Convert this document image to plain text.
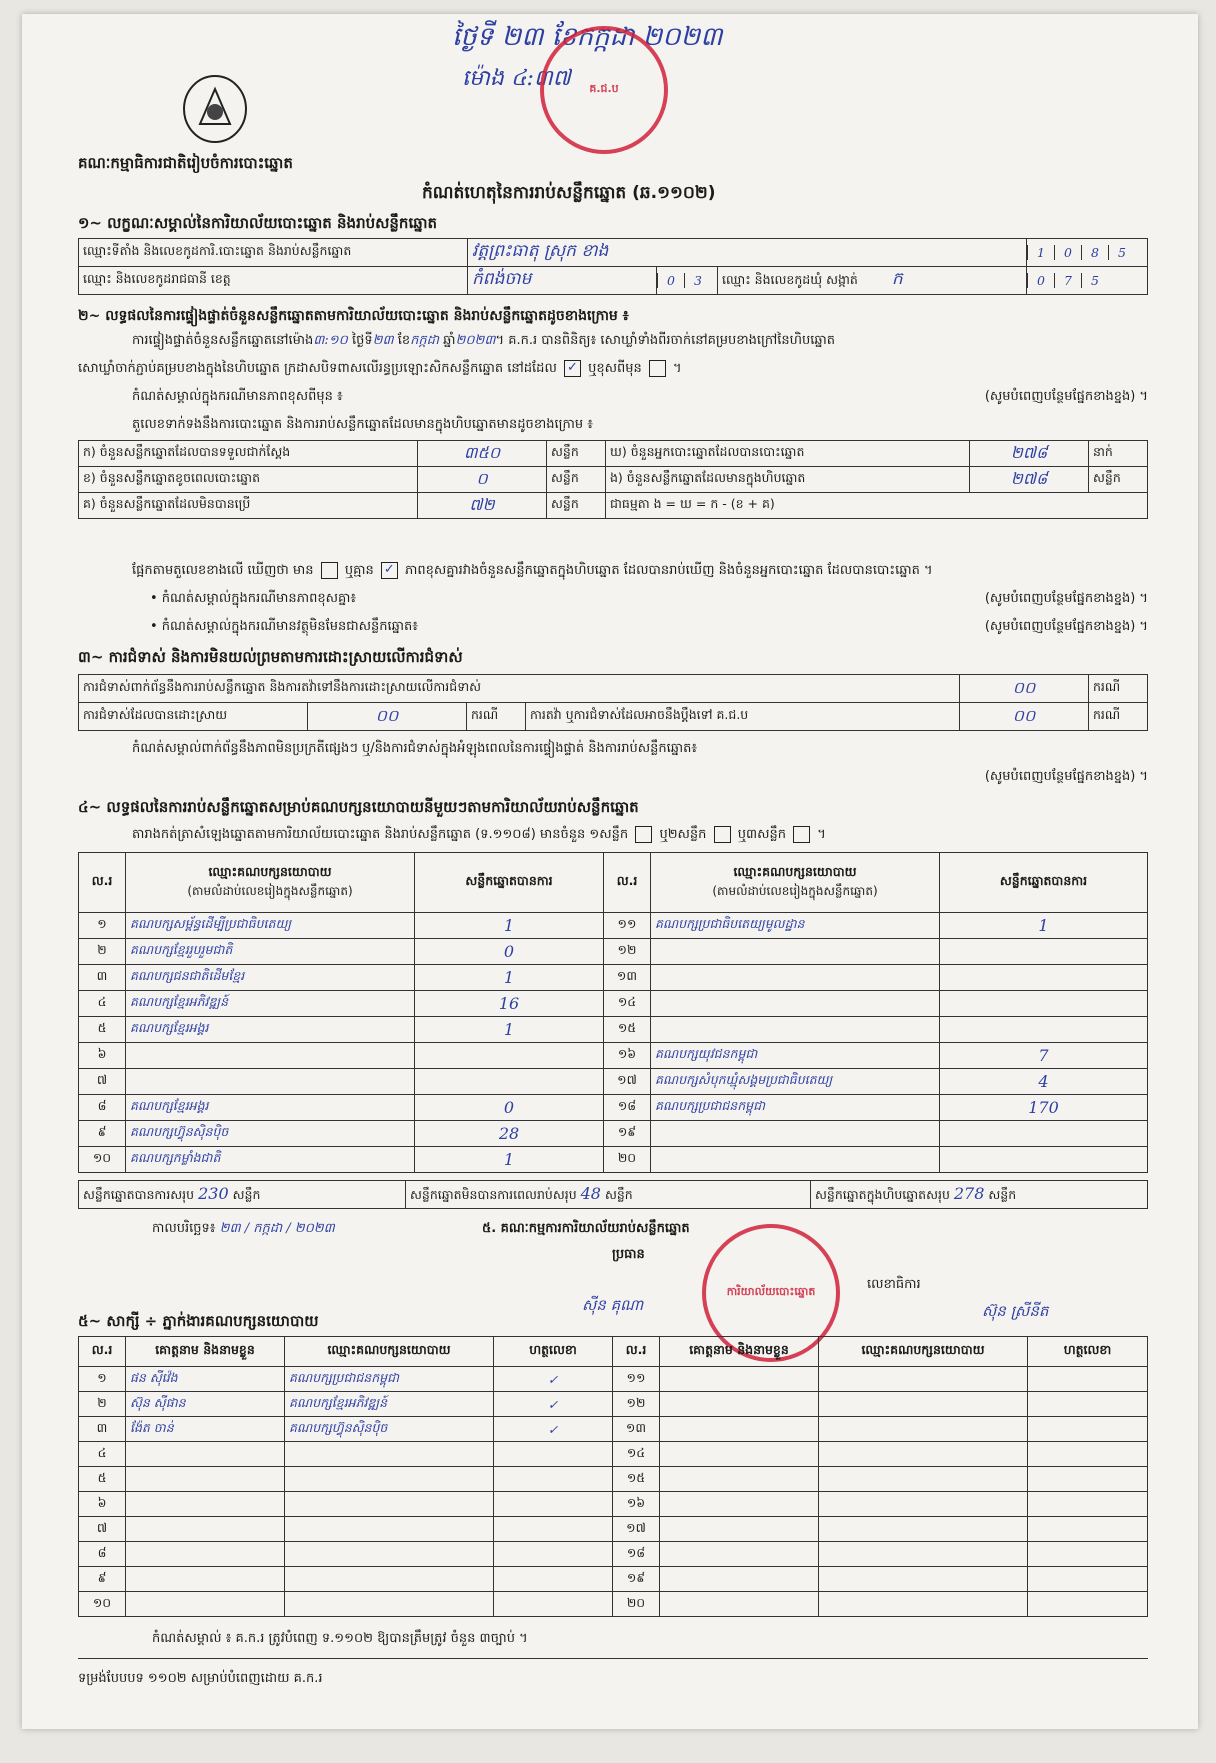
ថ្ងៃទី ២៣ ខែកក្កដា ២០២៣
ម៉ោង ៤:៣៧	គ.ជ.ប
គណៈកម្មាធិការជាតិរៀបចំការបោះឆ្នោត
កំណត់ហេតុនៃការរាប់សន្លឹកឆ្នោត (ឆ.១១០២)
១~ លក្ខណៈសម្គាល់នៃការិយាល័យបោះឆ្នោត និងរាប់សន្លឹកឆ្នោត
ឈ្មោះទីតាំង និងលេខកូដការិ.បោះឆ្នោត និងរាប់សន្លឹកឆ្នោត	វត្តព្រះធាតុ ស្រុក ខាង			1 0 8 5
ឈ្មោះ និងលេខកូដរាជធានី ខេត្ត	កំពង់ចាម	0 3	ឈ្មោះ និងលេខកូដឃុំ សង្កាត់ ក	0 7 5
២~ លទ្ធផលនៃការផ្ទៀងផ្ទាត់ចំនួនសន្លឹកឆ្នោតតាមការិយាល័យបោះឆ្នោត និងរាប់សន្លឹកឆ្នោតដូចខាងក្រោម ៖
ការផ្ទៀងផ្ទាត់ចំនួនសន្លឹកឆ្នោតនៅម៉ោង៣:១០ ថ្ងៃទី២៣ ខែកក្កដា ឆ្នាំ២០២៣។ គ.ក.រ បានពិនិត្យ៖ សោឃ្លាំទាំងពីរចាក់នៅគម្របខាងក្រៅនៃហិបឆ្នោត
សោឃ្លាំចាក់ភ្ជាប់គម្របខាងក្នុងនៃហិបឆ្នោត ក្រដាសបិទពាសលើរន្ធប្រឡោះសិកសន្លឹកឆ្នោត នៅដដែល ✓ ឬខុសពីមុន  ។
កំណត់សម្គាល់ក្នុងករណីមានភាពខុសពីមុន ៖	(សូមបំពេញបន្ថែមផ្នែកខាងខ្នង) ។
តួលេខទាក់ទងនឹងការបោះឆ្នោត និងការរាប់សន្លឹកឆ្នោតដែលមានក្នុងហិបឆ្នោតមានដូចខាងក្រោម ៖
ក) ចំនួនសន្លឹកឆ្នោតដែលបានទទួលជាក់ស្តែង	៣៥០	សន្លឹក	ឃ) ចំនួនអ្នកបោះឆ្នោតដែលបានបោះឆ្នោត	២៧៨	នាក់
ខ) ចំនួនសន្លឹកឆ្នោតខូចពេលបោះឆ្នោត	០	សន្លឹក	ង) ចំនួនសន្លឹកឆ្នោតដែលមានក្នុងហិបឆ្នោត	២៧៨	សន្លឹក
គ) ចំនួនសន្លឹកឆ្នោតដែលមិនបានប្រើ	៧២	សន្លឹក	ជាធម្មតា ង = ឃ = ក - (ខ + គ)		
ផ្អែកតាមតួលេខខាងលើ ឃើញថា មាន ឬគ្មាន ✓ ភាពខុសគ្នារវាងចំនួនសន្លឹកឆ្នោតក្នុងហិបឆ្នោត ដែលបានរាប់ឃើញ និងចំនួនអ្នកបោះឆ្នោត ដែលបានបោះឆ្នោត ។
• កំណត់សម្គាល់ក្នុងករណីមានភាពខុសគ្នា៖	(សូមបំពេញបន្ថែមផ្នែកខាងខ្នង) ។
• កំណត់សម្គាល់ក្នុងករណីមានវត្ថុមិនមែនជាសន្លឹកឆ្នោត៖	(សូមបំពេញបន្ថែមផ្នែកខាងខ្នង) ។
៣~ ការជំទាស់ និងការមិនយល់ព្រមតាមការដោះស្រាយលើការជំទាស់
ការជំទាស់ពាក់ព័ន្ធនឹងការរាប់សន្លឹកឆ្នោត និងការតវ៉ាទៅនឹងការដោះស្រាយលើការជំទាស់				០០	ករណី
ការជំទាស់ដែលបានដោះស្រាយ	០០	ករណី	ការតវ៉ា ឬការជំទាស់ដែលអាចនឹងប្តឹងទៅ គ.ជ.ប	០០	ករណី
កំណត់សម្គាល់ពាក់ព័ន្ធនឹងភាពមិនប្រក្រតីផ្សេងៗ ឬ/និងការជំទាស់ក្នុងអំឡុងពេលនៃការផ្ទៀងផ្ទាត់ និងការរាប់សន្លឹកឆ្នោត៖
(សូមបំពេញបន្ថែមផ្នែកខាងខ្នង) ។
៤~ លទ្ធផលនៃការរាប់សន្លឹកឆ្នោតសម្រាប់គណបក្សនយោបាយនីមួយៗតាមការិយាល័យរាប់សន្លឹកឆ្នោត
តារាងកត់ត្រាសំឡេងឆ្នោតតាមការិយាល័យបោះឆ្នោត និងរាប់សន្លឹកឆ្នោត (ទ.១១០៨) មានចំនួន ១សន្លឹក ឬ២សន្លឹក ឬ៣សន្លឹក  ។
ល.រ	ឈ្មោះគណបក្សនយោបាយ
(តាមលំដាប់លេខរៀងក្នុងសន្លឹកឆ្នោត)	សន្លឹកឆ្នោតបានការ	ល.រ	ឈ្មោះគណបក្សនយោបាយ
(តាមលំដាប់លេខរៀងក្នុងសន្លឹកឆ្នោត)	សន្លឹកឆ្នោតបានការ
១	គណបក្សសម្ព័ន្ធដើម្បីប្រជាធិបតេយ្យ	1	១១	គណបក្សប្រជាធិបតេយ្យមូលដ្ឋាន	1
២	គណបក្សខ្មែររួបរួមជាតិ	0	១២		
៣	គណបក្សជនជាតិដើមខ្មែរ	1	១៣		
៤	គណបក្សខ្មែរអភិវឌ្ឍន៍	16	១៤		
៥	គណបក្សខ្មែរអង្គរ	1	១៥		
៦			១៦	គណបក្សយុវជនកម្ពុជា	7
៧			១៧	គណបក្សសំបុកឃ្មុំសង្គមប្រជាធិបតេយ្យ	4
៨	គណបក្សខ្មែរអង្គរ	0	១៨	គណបក្សប្រជាជនកម្ពុជា	170
៩	គណបក្សហ៊្វុនស៊ិនប៉ិច	28	១៩		
១០	គណបក្សកម្លាំងជាតិ	1	២០		
សន្លឹកឆ្នោតបានការសរុប 230 សន្លឹក	សន្លឹកឆ្នោតមិនបានការពេលរាប់សរុប 48 សន្លឹក	សន្លឹកឆ្នោតក្នុងហិបឆ្នោតសរុប 278 សន្លឹក
កាលបរិច្ឆេទ៖ ២៣ / កក្កដា / ២០២៣	៥. គណៈកម្មការការិយាល័យរាប់សន្លឹកឆ្នោត
ប្រធាន
ការិយាល័យបោះឆ្នោត
ស៊ីន គុណា
លេខាធិការ
ស៊ុន ស្រីនីត
៥~ សាក្សី ÷ ភ្នាក់ងារគណបក្សនយោបាយ
ល.រ	គោត្តនាម និងនាមខ្លួន	ឈ្មោះគណបក្សនយោបាយ	ហត្ថលេខា	ល.រ	គោត្តនាម និងនាមខ្លួន	ឈ្មោះគណបក្សនយោបាយ	ហត្ថលេខា
១	ផន ស៊ីវ៉េង	គណបក្សប្រជាជនកម្ពុជា	✓	១១			
២	ស៊ុន ស៊ីផាន	គណបក្សខ្មែរអភិវឌ្ឍន៍	✓	១២			
៣	ង៉ែត ចាន់	គណបក្សហ៊្វុនស៊ិនប៉ិច	✓	១៣			
៤				១៤			
៥				១៥			
៦				១៦			
៧				១៧			
៨				១៨			
៩				១៩			
១០				២០			
កំណត់សម្គាល់ ៖ គ.ក.រ ត្រូវបំពេញ ទ.១១០២ ឱ្យបានត្រឹមត្រូវ ចំនួន ៣ច្បាប់ ។
ទម្រង់បែបបទ ១១០២ សម្រាប់បំពេញដោយ គ.ក.រ
